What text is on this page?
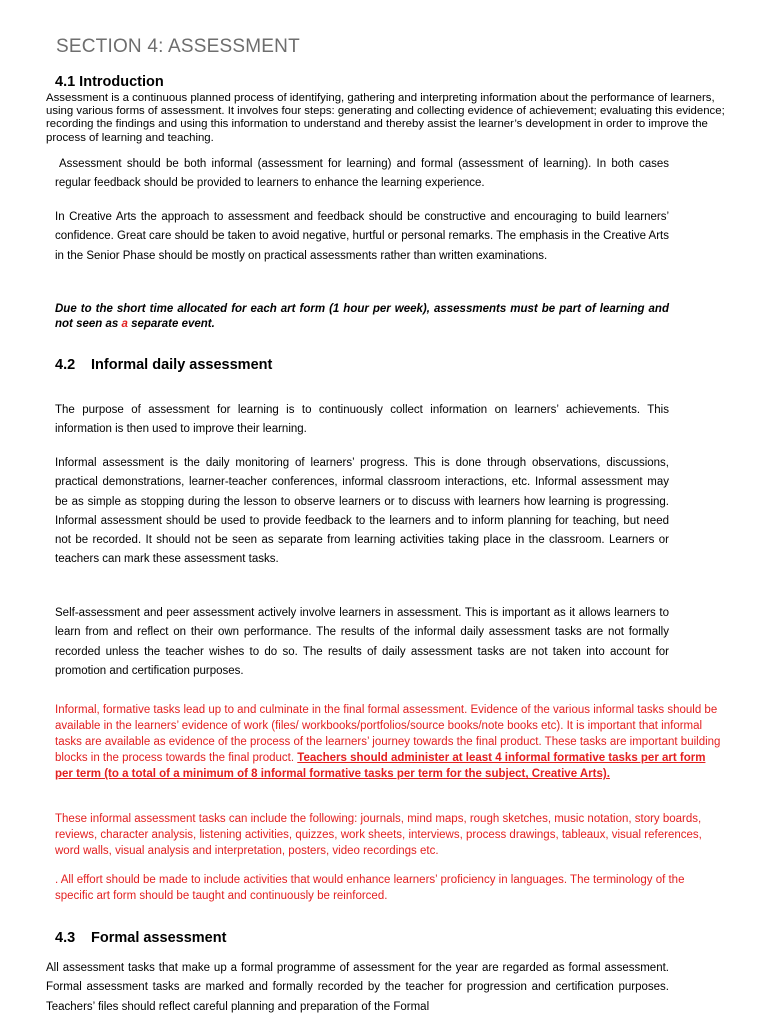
SECTION 4: ASSESSMENT
4.1 Introduction
Assessment is a continuous planned process of identifying, gathering and interpreting information about the performance of learners, using various forms of assessment. It involves four steps: generating and collecting evidence of achievement; evaluating this evidence; recording the findings and using this information to understand and thereby assist the learner’s development in order to improve the process of learning and teaching.
Assessment should be both informal (assessment for learning) and formal (assessment of learning). In both cases regular feedback should be provided to learners to enhance the learning experience.
In Creative Arts the approach to assessment and feedback should be constructive and encouraging to build learners’ confidence. Great care should be taken to avoid negative, hurtful or personal remarks. The emphasis in the Creative Arts in the Senior Phase should be mostly on practical assessments rather than written examinations.
Due to the short time allocated for each art form (1 hour per week), assessments must be part of learning and not seen as a separate event.
4.2 Informal daily assessment
The purpose of assessment for learning is to continuously collect information on learners’ achievements. This information is then used to improve their learning.
Informal assessment is the daily monitoring of learners’ progress. This is done through observations, discussions, practical demonstrations, learner-teacher conferences, informal classroom interactions, etc. Informal assessment may be as simple as stopping during the lesson to observe learners or to discuss with learners how learning is progressing. Informal assessment should be used to provide feedback to the learners and to inform planning for teaching, but need not be recorded. It should not be seen as separate from learning activities taking place in the classroom. Learners or teachers can mark these assessment tasks.
Self-assessment and peer assessment actively involve learners in assessment. This is important as it allows learners to learn from and reflect on their own performance. The results of the informal daily assessment tasks are not formally recorded unless the teacher wishes to do so. The results of daily assessment tasks are not taken into account for promotion and certification purposes.
Informal, formative tasks lead up to and culminate in the final formal assessment. Evidence of the various informal tasks should be available in the learners’ evidence of work (files/ workbooks/portfolios/source books/note books etc). It is important that informal tasks are available as evidence of the process of the learners’ journey towards the final product. These tasks are important building blocks in the process towards the final product. Teachers should administer at least 4 informal formative tasks per art form per term (to a total of a minimum of 8 informal formative tasks per term for the subject, Creative Arts).
These informal assessment tasks can include the following: journals, mind maps, rough sketches, music notation, story boards, reviews, character analysis, listening activities, quizzes, work sheets, interviews, process drawings, tableaux, visual references, word walls, visual analysis and interpretation, posters, video recordings etc.
. All effort should be made to include activities that would enhance learners’ proficiency in languages. The terminology of the specific art form should be taught and continuously be reinforced.
4.3 Formal assessment
All assessment tasks that make up a formal programme of assessment for the year are regarded as formal assessment. Formal assessment tasks are marked and formally recorded by the teacher for progression and certification purposes. Teachers’ files should reflect careful planning and preparation of the Formal
